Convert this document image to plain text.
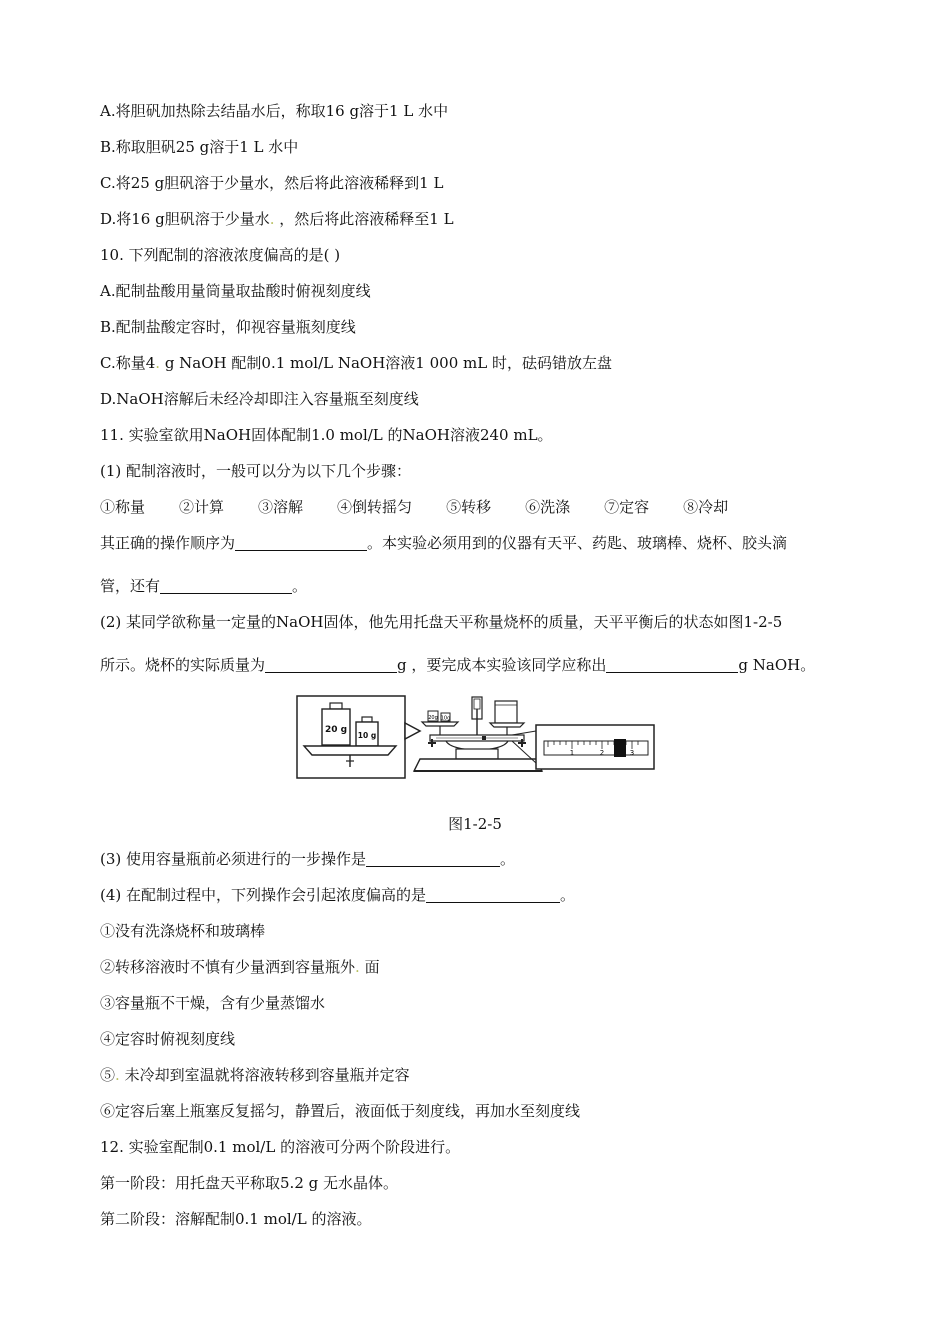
A.将胆矾加热除去结晶水后，称取16 g溶于1 L 水中
B.称取胆矾25 g溶于1 L 水中
C.将25 g胆矾溶于少量水，然后将此溶液稀释到1 L
D.将16 g胆矾溶于少量水. ，然后将此溶液稀释至1 L
10. 下列配制的溶液浓度偏高的是( )
A.配制盐酸用量筒量取盐酸时俯视刻度线
B.配制盐酸定容时，仰视容量瓶刻度线
C.称量4. g NaOH 配制0.1 mol/L NaOH溶液1 000 mL 时，砝码错放左盘
D.NaOH溶解后未经冷却即注入容量瓶至刻度线
11. 实验室欲用NaOH固体配制1.0 mol/L 的NaOH溶液240 mL。
(1) 配制溶液时，一般可以分为以下几个步骤：
①称量 ②计算 ③溶解 ④倒转摇匀 ⑤转移 ⑥洗涤 ⑦定容 ⑧冷却
其正确的操作顺序为	。本实验必须用到的仪器有天平、药匙、玻璃棒、烧杯、胶头滴
管，还有	。
(2) 某同学欲称量一定量的NaOH固体，他先用托盘天平称量烧杯的质量，天平平衡后的状态如图1-2-5
所示。烧杯的实际质量为	g ，要完成本实验该同学应称出	g NaOH。
20 g
10 g
20g 10g
1	2	3
图1-2-5
(3) 使用容量瓶前必须进行的一步操作是	。
(4) 在配制过程中，下列操作会引起浓度偏高的是	。
①没有洗涤烧杯和玻璃棒
②转移溶液时不慎有少量洒到容量瓶外. 面
③容量瓶不干燥，含有少量蒸馏水
④定容时俯视刻度线
⑤. 未冷却到室温就将溶液转移到容量瓶并定容
⑥定容后塞上瓶塞反复摇匀，静置后，液面低于刻度线，再加水至刻度线
12. 实验室配制0.1 mol/L 的溶液可分两个阶段进行。
第一阶段：用托盘天平称取5.2 g 无水晶体。
第二阶段：溶解配制0.1 mol/L 的溶液。
